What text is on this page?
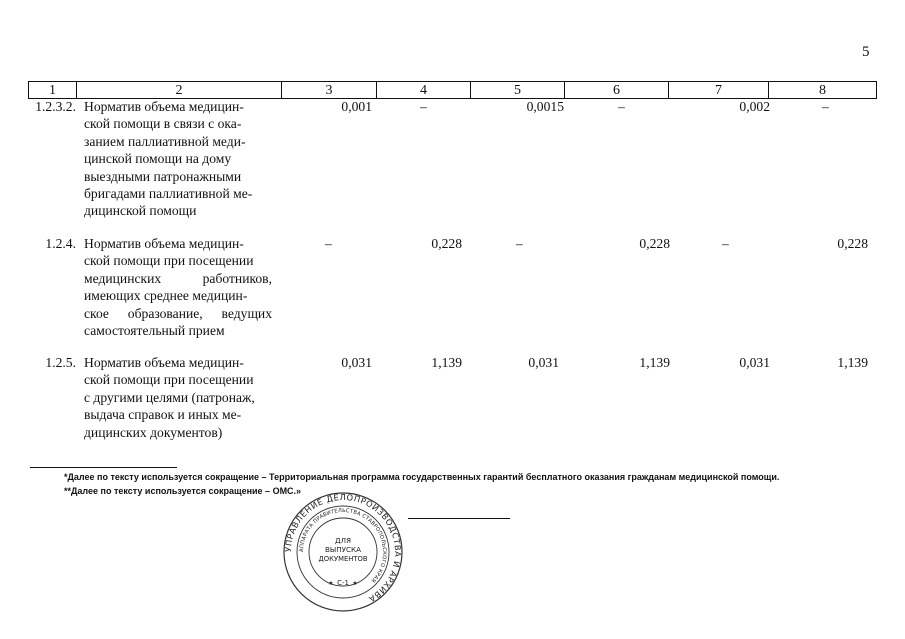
5
1	2	3	4	5	6	7	8
1.2.3.2. Норматив объема медицин-
ской помощи в связи с ока-
занием паллиативной меди-
цинской помощи на дому
выездными патронажными
бригадами паллиативной ме-
дицинской помощи
0,001	–	0,0015	–	0,002	–
1.2.4. Норматив объема медицин-
ской помощи при посещении
медицинских работников,
имеющих среднее медицин-
ское образование, ведущих
самостоятельный прием
–	0,228	–	0,228	–	0,228
1.2.5. Норматив объема медицин-
ской помощи при посещении
с другими целями (патронаж,
выдача справок и иных ме-
дицинских документов)
0,031	1,139	0,031	1,139	0,031	1,139
*Далее по тексту используется сокращение – Территориальная программа государственных гарантий бесплатного оказания гражданам медицинской помощи.
**Далее по тексту используется сокращение – ОМС.»
УПРАВЛЕНИЕ ДЕЛОПРОИЗВОДСТВА И АРХИВА
АППАРАТА ПРАВИТЕЛЬСТВА СТАВРОПОЛЬСКОГО КРАЯ
ДЛЯ
ВЫПУСКА
ДОКУМЕНТОВ
С-1
★	★
